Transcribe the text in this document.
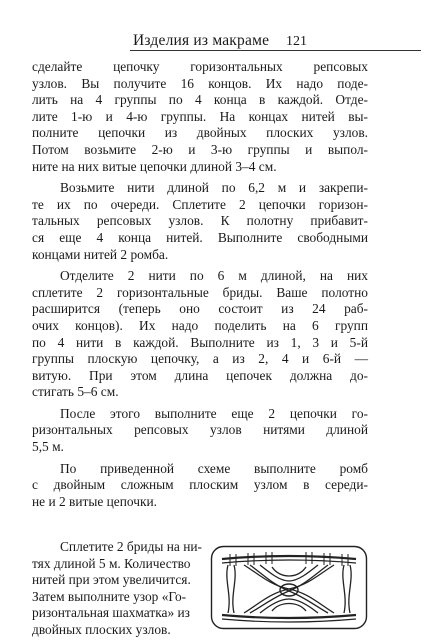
Изделия из макраме 121

сделайте цепочку горизонтальных репсовых
узлов. Вы получите 16 концов. Их надо поде-
лить на 4 группы по 4 конца в каждой. Отде-
лите 1-ю и 4-ю группы. На концах нитей вы-
полните цепочки из двойных плоских узлов.
Потом возьмите 2-ю и 3-ю группы и выпол-
ните на них витые цепочки длиной 3–4 см.

Возьмите нити длиной по 6,2 м и закрепи-
те их по очереди. Сплетите 2 цепочки горизон-
тальных репсовых узлов. К полотну прибавит-
ся еще 4 конца нитей. Выполните свободными
концами нитей 2 ромба.

Отделите 2 нити по 6 м длиной, на них
сплетите 2 горизонтальные бриды. Ваше полотно
расширится (теперь оно состоит из 24 раб-
очих концов). Их надо поделить на 6 групп
по 4 нити в каждой. Выполните из 1, 3 и 5-й
группы плоскую цепочку, а из 2, 4 и 6-й —
витую. При этом длина цепочек должна до-
стигать 5–6 см.

После этого выполните еще 2 цепочки го-
ризонтальных репсовых узлов нитями длиной
5,5 м.

По приведенной схеме выполните ромб
с двойным сложным плоским узлом в середи-
не и 2 витые цепочки.

Сплетите 2 бриды на ни-
тях длиной 5 м. Количество
нитей при этом увеличится.
Затем выполните узор «Го-
ризонтальная шахматка» из
двойных плоских узлов.
